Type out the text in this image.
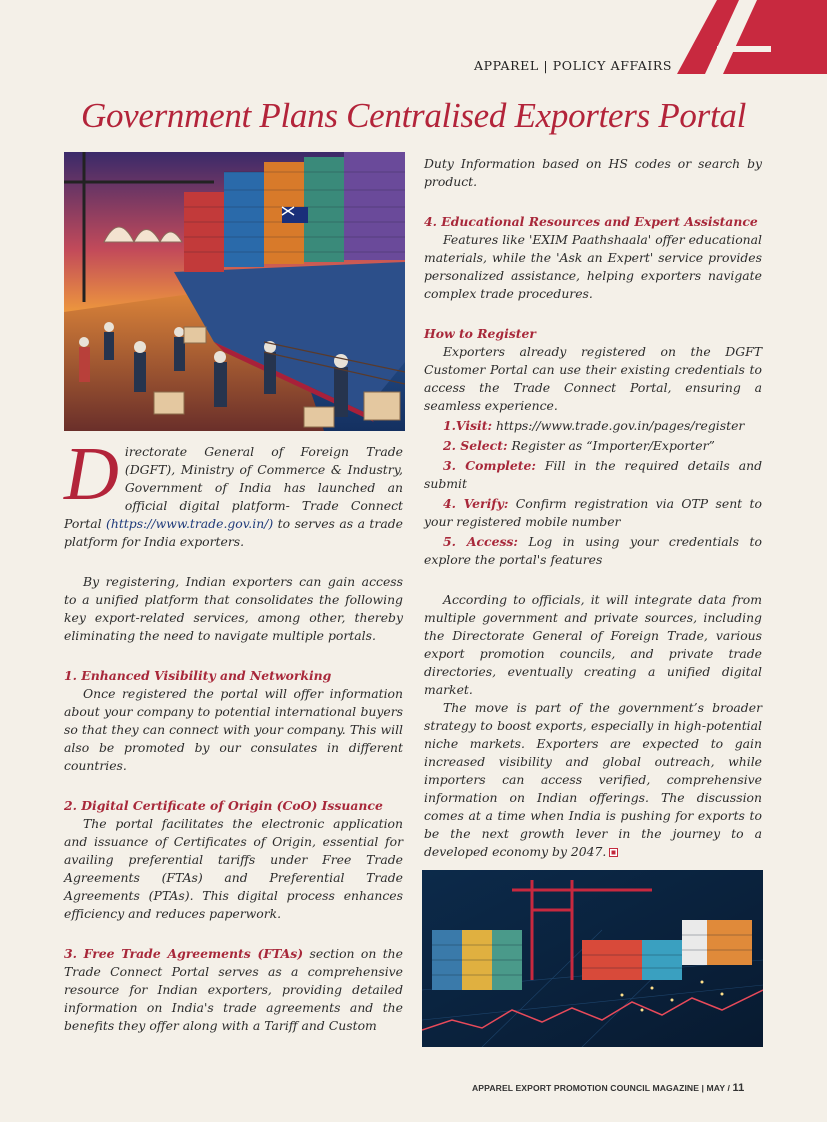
APPAREL | POLICY AFFAIRS
Government Plans Centralised Exporters Portal

Directorate General of Foreign Trade (DGFT), Ministry of Commerce & Industry, Government of India has launched an official digital platform- Trade Connect Portal (https://www.trade.gov.in/) to serves as a trade platform for India exporters.

By registering, Indian exporters can gain access to a unified platform that consolidates the following key export-related services, among other, thereby eliminating the need to navigate multiple portals.

1. Enhanced Visibility and Networking

Once registered the portal will offer information about your company to potential international buyers so that they can connect with your company. This will also be promoted by our consulates in different countries.

2. Digital Certificate of Origin (CoO) Issuance

The portal facilitates the electronic application and issuance of Certificates of Origin, essential for availing preferential tariffs under Free Trade Agreements (FTAs) and Preferential Trade Agreements (PTAs). This digital process enhances efficiency and reduces paperwork.

3. Free Trade Agreements (FTAs) section on the Trade Connect Portal serves as a comprehensive resource for Indian exporters, providing detailed information on India's trade agreements and the benefits they offer along with a Tariff and Custom

Duty Information based on HS codes or search by product.

4. Educational Resources and Expert Assistance

Features like 'EXIM Paathshaala' offer educational materials, while the 'Ask an Expert' service provides personalized assistance, helping exporters navigate complex trade procedures.

How to Register

Exporters already registered on the DGFT Customer Portal can use their existing credentials to access the Trade Connect Portal, ensuring a seamless experience.

1.Visit: https://www.trade.gov.in/pages/register

2. Select: Register as “Importer/Exporter”

3. Complete: Fill in the required details and submit

4. Verify: Confirm registration via OTP sent to your registered mobile number

5. Access: Log in using your credentials to explore the portal's features

According to officials, it will integrate data from multiple government and private sources, including the Directorate General of Foreign Trade, various export promotion councils, and private trade directories, eventually creating a unified digital market.

The move is part of the government’s broader strategy to boost exports, especially in high-potential niche markets. Exporters are expected to gain increased visibility and global outreach, while importers can access verified, comprehensive information on Indian offerings. The discussion comes at a time when India is pushing for exports to be the next growth lever in the journey to a developed economy by 2047.

APPAREL EXPORT PROMOTION COUNCIL MAGAZINE | MAY / 11
